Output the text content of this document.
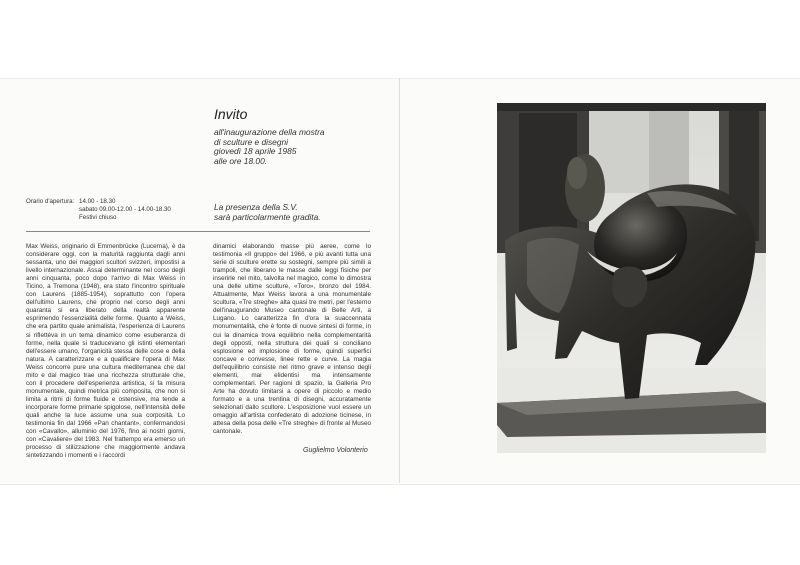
Invito
all'inaugurazione della mostra
di sculture e disegni
giovedì 18 aprile 1985
alle ore 18.00.
Orario d'apertura: 14.00 - 18.30
sabato 09.00-12.00 - 14.00-18.30
Festivi chiuso
La presenza della S.V.
sarà particolarmente gradita.

Max Weiss, originario di Emmenbrücke (Lucerna), è da considerare oggi, con la maturità raggiunta dagli anni sessanta, uno dei maggiori scultori svizzeri, impostisi a livello internazionale. Assai determinante nel corso degli anni cinquanta, poco dopo l'arrivo di Max Weiss in Ticino, a Tremona (1948), era stato l'incontro spirituale con Laurens (1885-1954), soprattutto con l'opera dell'ultimo Laurens, che proprio nel corso degli anni quaranta si era liberato della realtà apparente esprimendo l'essenzialità delle forme. Quanto a Weiss, che era partito quale animalista, l'esperienza di Laurens si riflettéva in un tema dinamico come esuberanza di forme, nella quale si traducevano gli istinti elementari dell'essere umano, l'organicità stessa delle cose e della natura. A caratterizzare e a qualificare l'opera di Max Weiss concorre pure una cultura mediterranea che dal mito e dal magico trae una ricchezza strutturale che, con il procedere dell'esperienza artistica, si fa misura monumentale, quindi metrica più composita, che non si limita a ritmi di forme fluide e ostensive, ma tende a incorporare forme primarie spigolose, nell'intensità delle quali anche la luce assume una sua corposità. Lo testimonia fin dal 1966 «Pan chantant», confermandosi con «Cavallo», alluminio del 1976, fino ai nostri giorni, con «Cavaliere» del 1983. Nel frattempo era emerso un processo di stilizzazione che maggiormente andava sintetizzando i momenti e i raccordi

dinamici elaborando masse più aeree, come lo testimonia «Il gruppo» del 1966, e più avanti tutta una serie di sculture erette su sostegni, sempre più simili a trampoli, che liberano le masse dalle leggi fisiche per inserirle nel mito, talvolta nel magico, come lo dimostra una delle ultime sculture, «Toro», bronzo del 1984. Attualmente, Max Weiss lavora a una monumentale scultura, «Tre streghe» alta quasi tre metri, per l'esterno dell'inaugurando Museo cantonale di Belle Arti, a Lugano. Lo caratterizza fin d'ora la suaccennata monumentalità, che è fonte di nuove sintesi di forme, in cui la dinamica trova equilibrio nella complementarità degli opposti, nella struttura dei quali si conciliano esplosione ed implosione di forme, quindi superfici concave e convesse, linee rette e curve. La magia dell'equilibrio consiste nel ritmo grave e intenso degli elementi, mai elidentisi ma intensamente complementari. Per ragioni di spazio, la Galleria Pro Arte ha dovuto limitarsi a opere di piccolo e medio formato e a una trentina di disegni, accuratamente selezionati dallo scultore. L'esposizione vuol essere un omaggio all'artista confederato di adozione ticinese, in attesa della posa delle «Tre streghe» di fronte al Museo cantonale.

Guglielmo Volonterio
